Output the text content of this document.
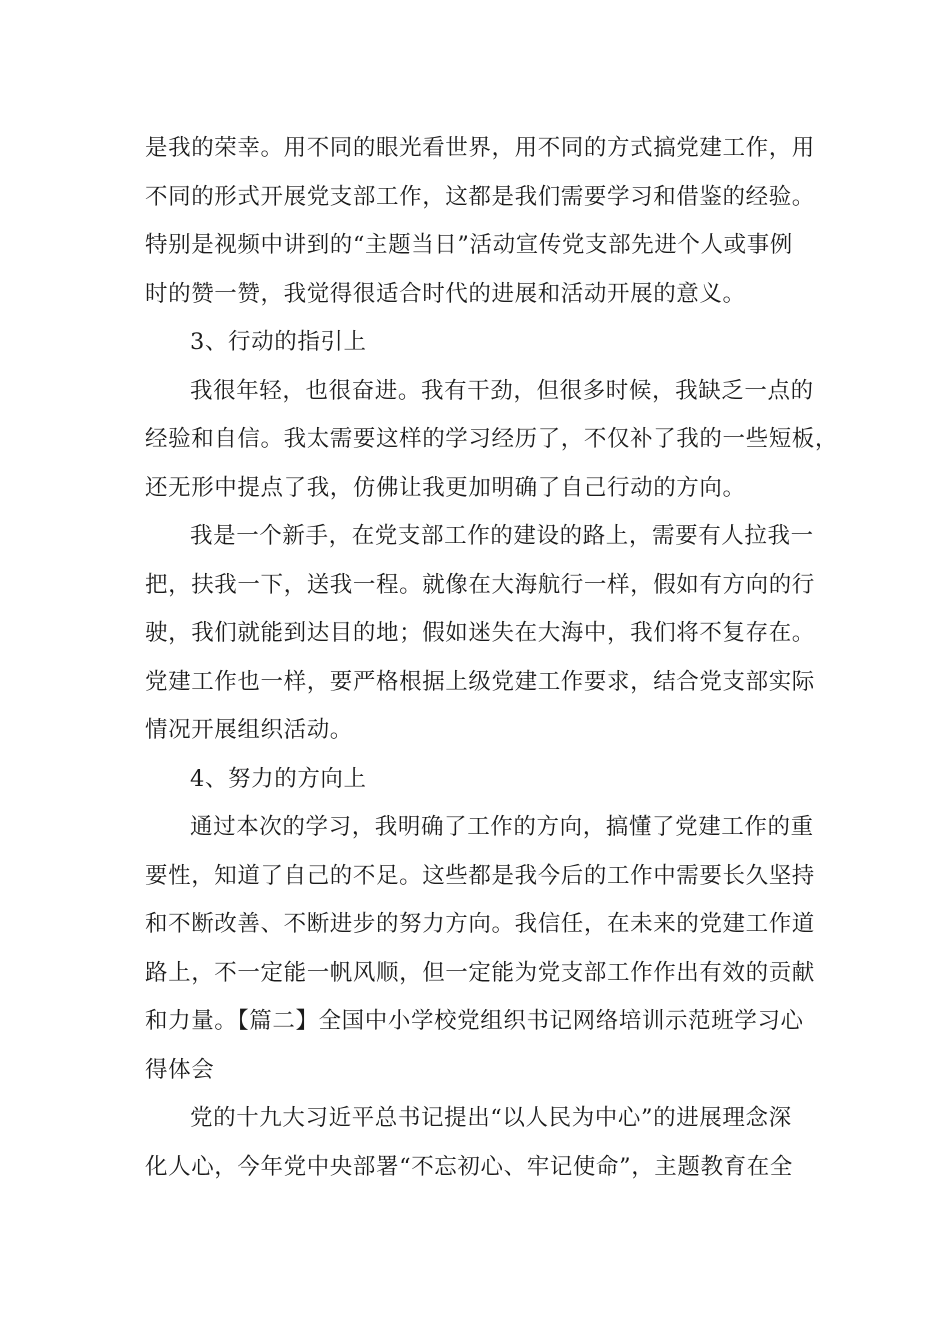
是我的荣幸。用不同的眼光看世界，用不同的方式搞党建工作，用
不同的形式开展党支部工作，这都是我们需要学习和借鉴的经验。
特别是视频中讲到的“主题当日”活动宣传党支部先进个人或事例
时的赞一赞，我觉得很适合时代的进展和活动开展的意义。
3、行动的指引上
我很年轻，也很奋进。我有干劲，但很多时候，我缺乏一点的
经验和自信。我太需要这样的学习经历了，不仅补了我的一些短板，
还无形中提点了我，仿佛让我更加明确了自己行动的方向。
我是一个新手，在党支部工作的建设的路上，需要有人拉我一
把，扶我一下，送我一程。就像在大海航行一样，假如有方向的行
驶，我们就能到达目的地；假如迷失在大海中，我们将不复存在。
党建工作也一样，要严格根据上级党建工作要求，结合党支部实际
情况开展组织活动。
4、努力的方向上
通过本次的学习，我明确了工作的方向，搞懂了党建工作的重
要性，知道了自己的不足。这些都是我今后的工作中需要长久坚持
和不断改善、不断进步的努力方向。我信任，在未来的党建工作道
路上，不一定能一帆风顺，但一定能为党支部工作作出有效的贡献
和力量。【篇二】全国中小学校党组织书记网络培训示范班学习心
得体会
党的十九大习近平总书记提出“以人民为中心”的进展理念深
化人心，今年党中央部署“不忘初心、牢记使命”，主题教育在全
